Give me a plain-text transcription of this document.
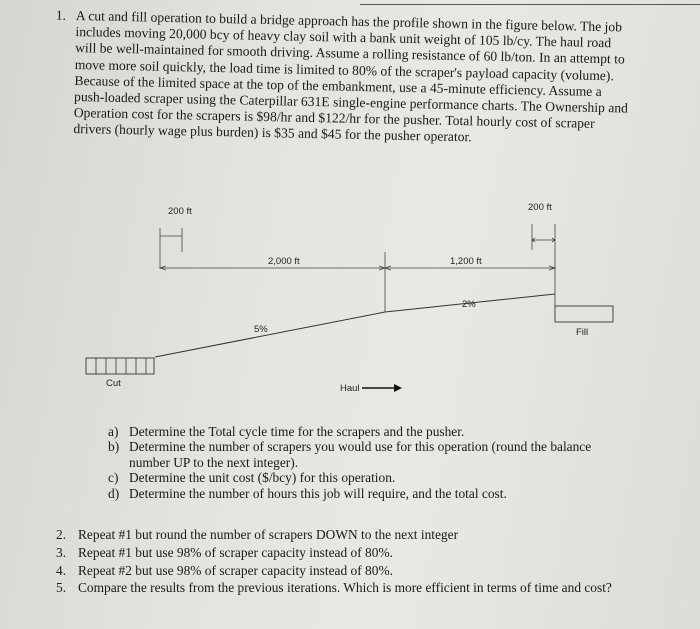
1. A cut and fill operation to build a bridge approach has the profile shown in the figure below. The job includes moving 20,000 bcy of heavy clay soil with a bank unit weight of 105 lb/cy. The haul road will be well-maintained for smooth driving. Assume a rolling resistance of 60 lb/ton. In an attempt to move more soil quickly, the load time is limited to 80% of the scraper's payload capacity (volume). Because of the limited space at the top of the embankment, use a 45-minute efficiency. Assume a push-loaded scraper using the Caterpillar 631E single-engine performance charts. The Ownership and Operation cost for the scrapers is $98/hr and $122/hr for the pusher. Total hourly cost of scraper drivers (hourly wage plus burden) is $35 and $45 for the pusher operator.

200 ft	200 ft
2,000 ft	1,200 ft
5%
2%
Fill
Cut	Haul

a) Determine the Total cycle time for the scrapers and the pusher.

b) Determine the number of scrapers you would use for this operation (round the balance number UP to the next integer).

c) Determine the unit cost ($/bcy) for this operation.

d) Determine the number of hours this job will require, and the total cost.

2. Repeat #1 but round the number of scrapers DOWN to the next integer

3. Repeat #1 but use 98% of scraper capacity instead of 80%.

4. Repeat #2 but use 98% of scraper capacity instead of 80%.

5. Compare the results from the previous iterations. Which is more efficient in terms of time and cost?
